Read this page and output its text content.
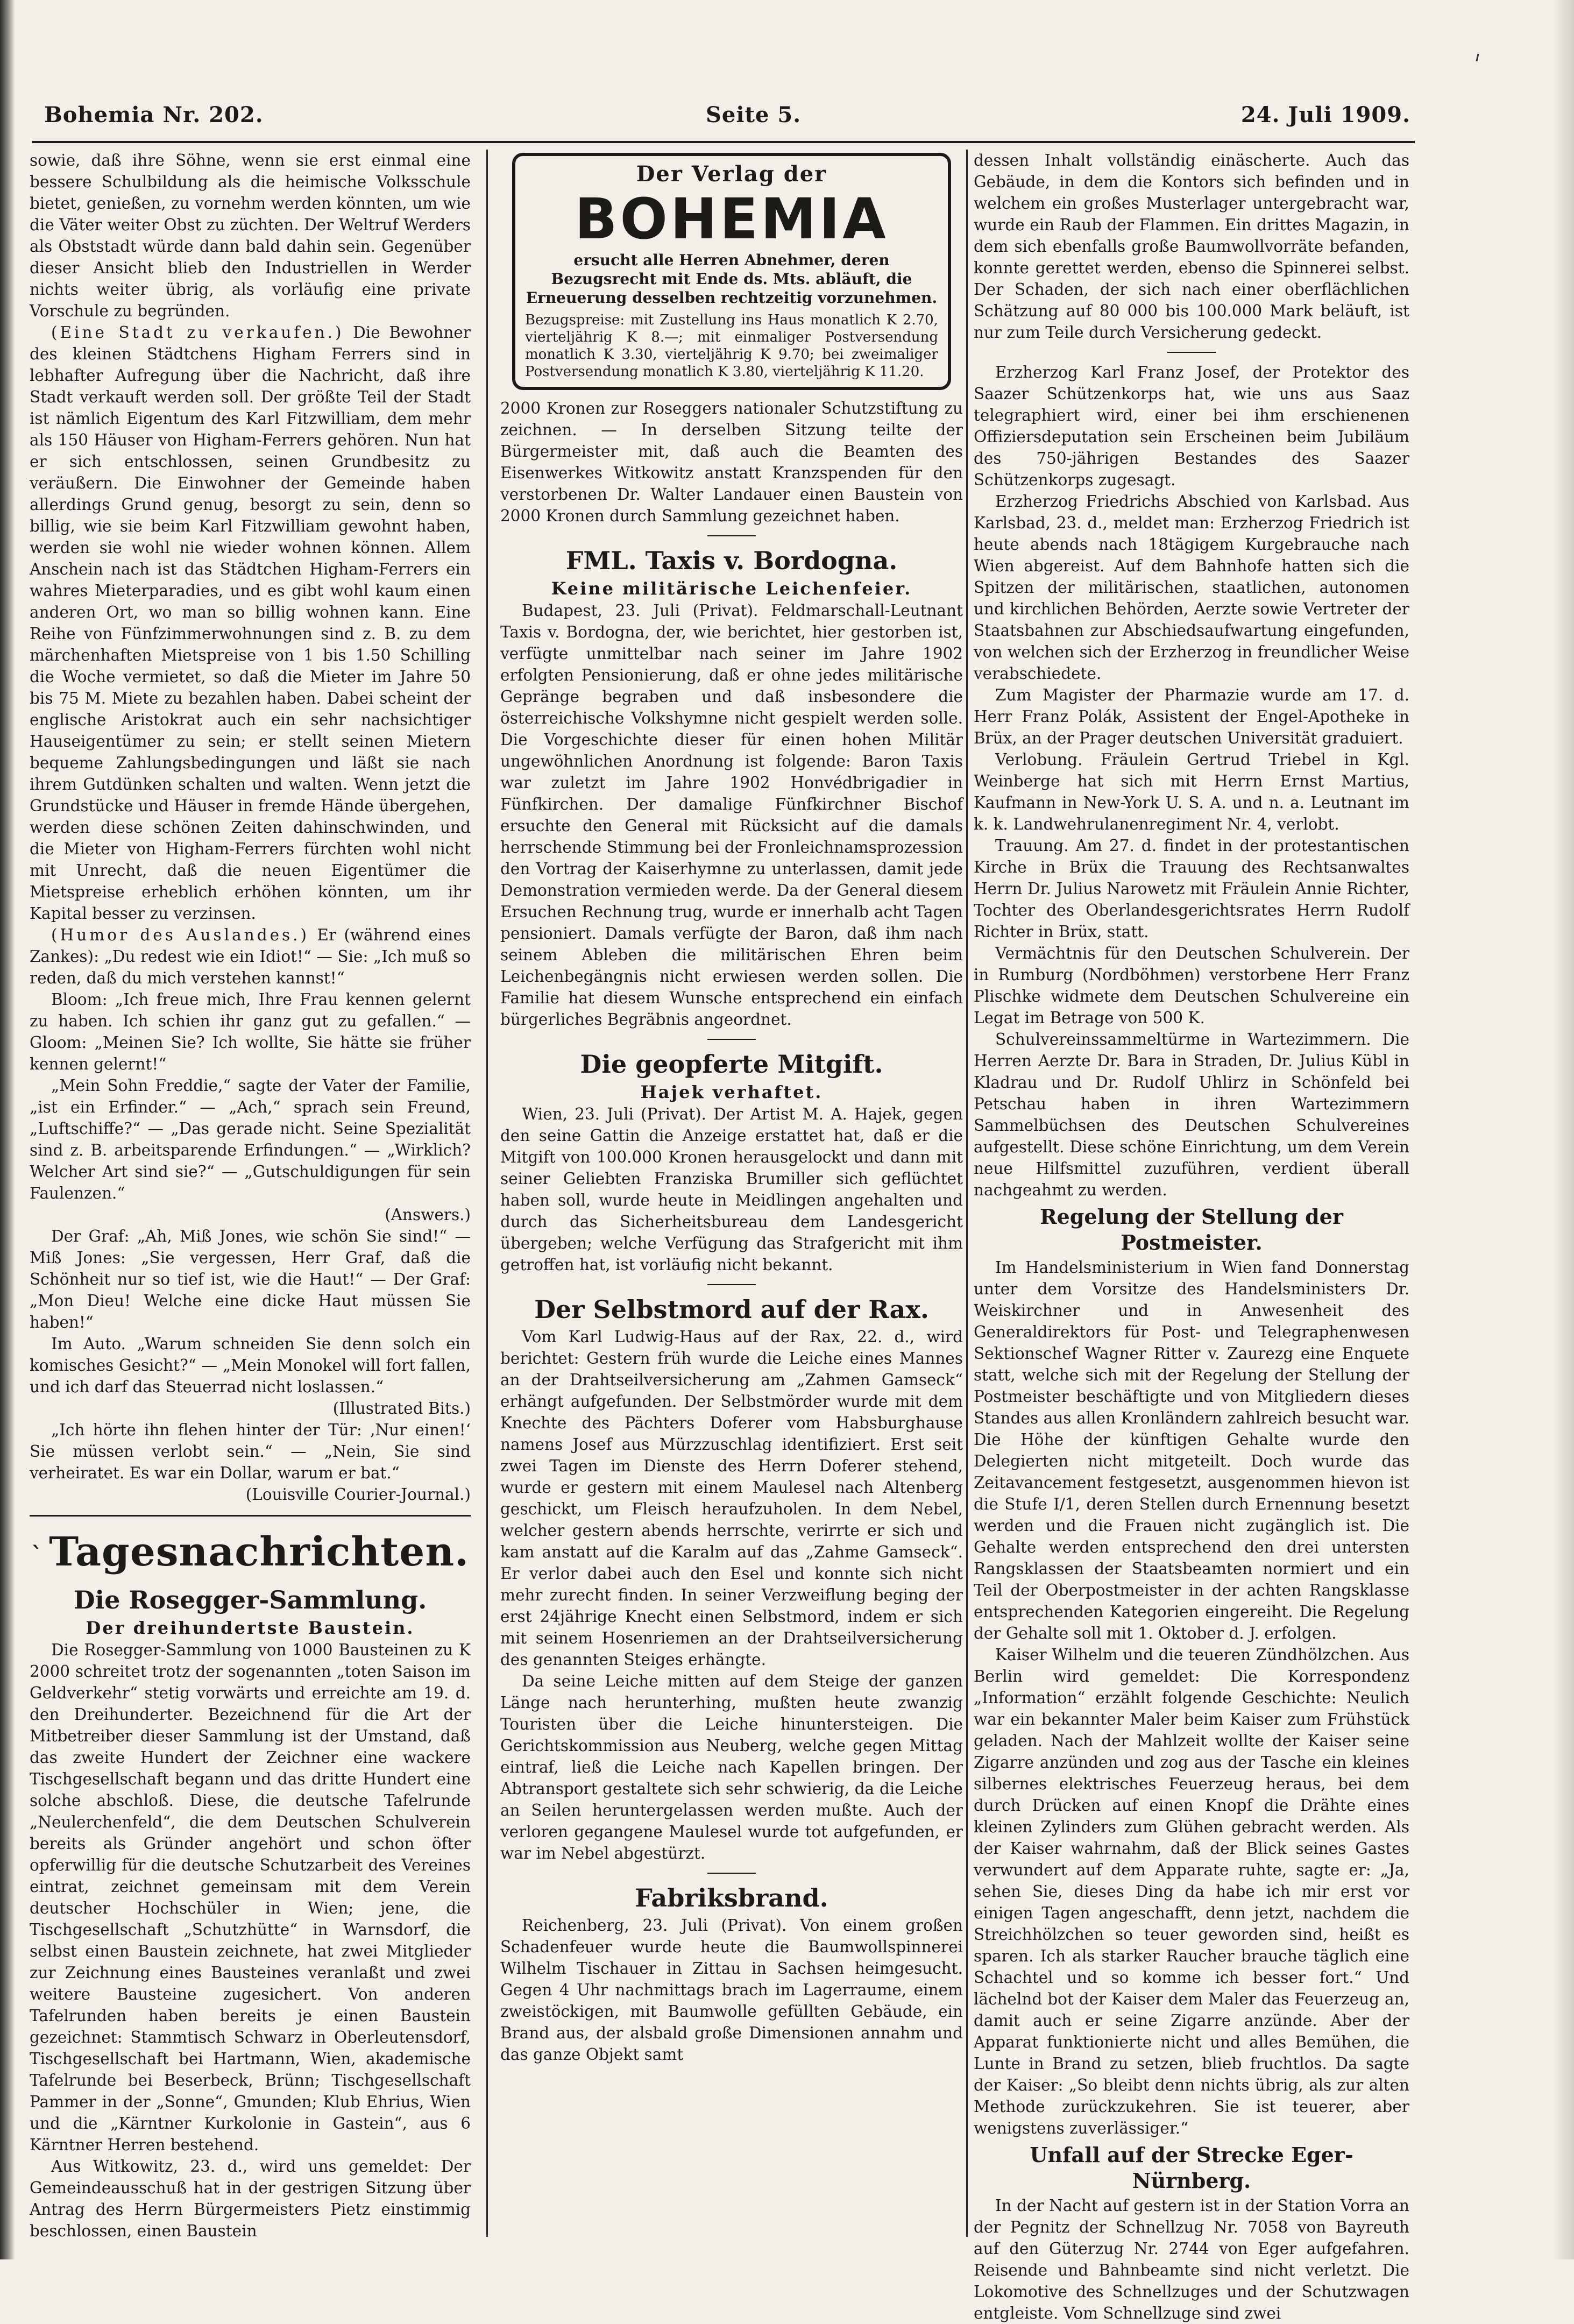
Bohemia Nr. 202.	Seite 5.	24. Juli 1909.

sowie, daß ihre Söhne, wenn sie erst einmal eine bessere Schulbildung als die heimische Volksschule bietet, genießen, zu vornehm werden könnten, um wie die Väter weiter Obst zu züchten. Der Weltruf Werders als Obststadt würde dann bald dahin sein. Gegenüber dieser Ansicht blieb den Industriellen in Werder nichts weiter übrig, als vorläufig eine private Vorschule zu begründen.

(Eine Stadt zu verkaufen.) Die Bewohner des kleinen Städtchens Higham Ferrers sind in lebhafter Aufregung über die Nachricht, daß ihre Stadt verkauft werden soll. Der größte Teil der Stadt ist nämlich Eigentum des Karl Fitzwilliam, dem mehr als 150 Häuser von Higham-Ferrers gehören. Nun hat er sich entschlossen, seinen Grundbesitz zu veräußern. Die Einwohner der Gemeinde haben allerdings Grund genug, besorgt zu sein, denn so billig, wie sie beim Karl Fitzwilliam gewohnt haben, werden sie wohl nie wieder wohnen können. Allem Anschein nach ist das Städtchen Higham-Ferrers ein wahres Mieterparadies, und es gibt wohl kaum einen anderen Ort, wo man so billig wohnen kann. Eine Reihe von Fünfzimmerwohnungen sind z. B. zu dem märchenhaften Mietspreise von 1 bis 1.50 Schilling die Woche vermietet, so daß die Mieter im Jahre 50 bis 75 M. Miete zu bezahlen haben. Dabei scheint der englische Aristokrat auch ein sehr nachsichtiger Hauseigentümer zu sein; er stellt seinen Mietern bequeme Zahlungsbedingungen und läßt sie nach ihrem Gutdünken schalten und walten. Wenn jetzt die Grundstücke und Häuser in fremde Hände übergehen, werden diese schönen Zeiten dahinschwinden, und die Mieter von Higham-Ferrers fürchten wohl nicht mit Unrecht, daß die neuen Eigentümer die Mietspreise erheblich erhöhen könnten, um ihr Kapital besser zu verzinsen.

(Humor des Auslandes.) Er (während eines Zankes): „Du redest wie ein Idiot!“ — Sie: „Ich muß so reden, daß du mich verstehen kannst!“

Bloom: „Ich freue mich, Ihre Frau kennen gelernt zu haben. Ich schien ihr ganz gut zu gefallen.“ — Gloom: „Meinen Sie? Ich wollte, Sie hätte sie früher kennen gelernt!“

„Mein Sohn Freddie,“ sagte der Vater der Familie, „ist ein Erfinder.“ — „Ach,“ sprach sein Freund, „Luftschiffe?“ — „Das gerade nicht. Seine Spezialität sind z. B. arbeitsparende Erfindungen.“ — „Wirklich? Welcher Art sind sie?“ — „Gutschuldigungen für sein Faulenzen.“

(Answers.)

Der Graf: „Ah, Miß Jones, wie schön Sie sind!“ — Miß Jones: „Sie vergessen, Herr Graf, daß die Schönheit nur so tief ist, wie die Haut!“ — Der Graf: „Mon Dieu! Welche eine dicke Haut müssen Sie haben!“

Im Auto. „Warum schneiden Sie denn solch ein komisches Gesicht?“ — „Mein Monokel will fort fallen, und ich darf das Steuerrad nicht loslassen.“

(Illustrated Bits.)

„Ich hörte ihn flehen hinter der Tür: ‚Nur einen!‘ Sie müssen verlobt sein.“ — „Nein, Sie sind verheiratet. Es war ein Dollar, warum er bat.“

(Louisville Courier-Journal.)

ˋ Tagesnachrichten.
Die Rosegger-Sammlung.
Der dreihundertste Baustein.

Die Rosegger-Sammlung von 1000 Bausteinen zu K 2000 schreitet trotz der sogenannten „toten Saison im Geldverkehr“ stetig vorwärts und erreichte am 19. d. den Dreihunderter. Bezeichnend für die Art der Mitbetreiber dieser Sammlung ist der Umstand, daß das zweite Hundert der Zeichner eine wackere Tischgesellschaft begann und das dritte Hundert eine solche abschloß. Diese, die deutsche Tafelrunde „Neulerchenfeld“, die dem Deutschen Schulverein bereits als Gründer angehört und schon öfter opferwillig für die deutsche Schutzarbeit des Vereines eintrat, zeichnet gemeinsam mit dem Verein deutscher Hochschüler in Wien; jene, die Tischgesellschaft „Schutzhütte“ in Warnsdorf, die selbst einen Baustein zeichnete, hat zwei Mitglieder zur Zeichnung eines Bausteines veranlaßt und zwei weitere Bausteine zugesichert. Von anderen Tafelrunden haben bereits je einen Baustein gezeichnet: Stammtisch Schwarz in Oberleutensdorf, Tischgesellschaft bei Hartmann, Wien, akademische Tafelrunde bei Beserbeck, Brünn; Tischgesellschaft Pammer in der „Sonne“, Gmunden; Klub Ehrius, Wien und die „Kärntner Kurkolonie in Gastein“, aus 6 Kärntner Herren bestehend.

Aus Witkowitz, 23. d., wird uns gemeldet: Der Gemeindeausschuß hat in der gestrigen Sitzung über Antrag des Herrn Bürgermeisters Pietz einstimmig beschlossen, einen Baustein

Der Verlag der
BOHEMIA
ersucht alle Herren Abnehmer, deren Bezugsrecht mit Ende ds. Mts. abläuft, die Erneuerung desselben rechtzeitig vorzunehmen.
Bezugspreise: mit Zustellung ins Haus monatlich K 2.70, vierteljährig K 8.—; mit einmaliger Postversendung monatlich K 3.30, vierteljährig K 9.70; bei zweimaliger Postversendung monatlich K 3.80, vierteljährig K 11.20.

2000 Kronen zur Roseggers nationaler Schutzstiftung zu zeichnen. — In derselben Sitzung teilte der Bürgermeister mit, daß auch die Beamten des Eisenwerkes Witkowitz anstatt Kranzspenden für den verstorbenen Dr. Walter Landauer einen Baustein von 2000 Kronen durch Sammlung gezeichnet haben.

FML. Taxis v. Bordogna.
Keine militärische Leichenfeier.

Budapest, 23. Juli (Privat). Feldmarschall-Leutnant Taxis v. Bordogna, der, wie berichtet, hier gestorben ist, verfügte unmittelbar nach seiner im Jahre 1902 erfolgten Pensionierung, daß er ohne jedes militärische Gepränge begraben und daß insbesondere die österreichische Volkshymne nicht gespielt werden solle. Die Vorgeschichte dieser für einen hohen Militär ungewöhnlichen Anordnung ist folgende: Baron Taxis war zuletzt im Jahre 1902 Honvédbrigadier in Fünfkirchen. Der damalige Fünfkirchner Bischof ersuchte den General mit Rücksicht auf die damals herrschende Stimmung bei der Fronleichnamsprozession den Vortrag der Kaiserhymne zu unterlassen, damit jede Demonstration vermieden werde. Da der General diesem Ersuchen Rechnung trug, wurde er innerhalb acht Tagen pensioniert. Damals verfügte der Baron, daß ihm nach seinem Ableben die militärischen Ehren beim Leichenbegängnis nicht erwiesen werden sollen. Die Familie hat diesem Wunsche entsprechend ein einfach bürgerliches Begräbnis angeordnet.

Die geopferte Mitgift.
Hajek verhaftet.

Wien, 23. Juli (Privat). Der Artist M. A. Hajek, gegen den seine Gattin die Anzeige erstattet hat, daß er die Mitgift von 100.000 Kronen herausgelockt und dann mit seiner Geliebten Franziska Brumiller sich geflüchtet haben soll, wurde heute in Meidlingen angehalten und durch das Sicherheitsbureau dem Landesgericht übergeben; welche Verfügung das Strafgericht mit ihm getroffen hat, ist vorläufig nicht bekannt.

Der Selbstmord auf der Rax.

Vom Karl Ludwig-Haus auf der Rax, 22. d., wird berichtet: Gestern früh wurde die Leiche eines Mannes an der Drahtseilversicherung am „Zahmen Gamseck“ erhängt aufgefunden. Der Selbstmörder wurde mit dem Knechte des Pächters Doferer vom Habsburghause namens Josef aus Mürzzuschlag identifiziert. Erst seit zwei Tagen im Dienste des Herrn Doferer stehend, wurde er gestern mit einem Maulesel nach Altenberg geschickt, um Fleisch heraufzuholen. In dem Nebel, welcher gestern abends herrschte, verirrte er sich und kam anstatt auf die Karalm auf das „Zahme Gamseck“. Er verlor dabei auch den Esel und konnte sich nicht mehr zurecht finden. In seiner Verzweiflung beging der erst 24jährige Knecht einen Selbstmord, indem er sich mit seinem Hosenriemen an der Drahtseilversicherung des genannten Steiges erhängte.

Da seine Leiche mitten auf dem Steige der ganzen Länge nach herunterhing, mußten heute zwanzig Touristen über die Leiche hinuntersteigen. Die Gerichtskommission aus Neuberg, welche gegen Mittag eintraf, ließ die Leiche nach Kapellen bringen. Der Abtransport gestaltete sich sehr schwierig, da die Leiche an Seilen heruntergelassen werden mußte. Auch der verloren gegangene Maulesel wurde tot aufgefunden, er war im Nebel abgestürzt.

Fabriksbrand.

Reichenberg, 23. Juli (Privat). Von einem großen Schadenfeuer wurde heute die Baumwollspinnerei Wilhelm Tischauer in Zittau in Sachsen heimgesucht. Gegen 4 Uhr nachmittags brach im Lagerraume, einem zweistöckigen, mit Baumwolle gefüllten Gebäude, ein Brand aus, der alsbald große Dimensionen annahm und das ganze Objekt samt

dessen Inhalt vollständig einäscherte. Auch das Gebäude, in dem die Kontors sich befinden und in welchem ein großes Musterlager untergebracht war, wurde ein Raub der Flammen. Ein drittes Magazin, in dem sich ebenfalls große Baumwollvorräte befanden, konnte gerettet werden, ebenso die Spinnerei selbst. Der Schaden, der sich nach einer oberflächlichen Schätzung auf 80 000 bis 100.000 Mark beläuft, ist nur zum Teile durch Versicherung gedeckt.

Erzherzog Karl Franz Josef, der Protektor des Saazer Schützenkorps hat, wie uns aus Saaz telegraphiert wird, einer bei ihm erschienenen Offiziersdeputation sein Erscheinen beim Jubiläum des 750-jährigen Bestandes des Saazer Schützenkorps zugesagt.

Erzherzog Friedrichs Abschied von Karlsbad. Aus Karlsbad, 23. d., meldet man: Erzherzog Friedrich ist heute abends nach 18tägigem Kurgebrauche nach Wien abgereist. Auf dem Bahnhofe hatten sich die Spitzen der militärischen, staatlichen, autonomen und kirchlichen Behörden, Aerzte sowie Vertreter der Staatsbahnen zur Abschiedsaufwartung eingefunden, von welchen sich der Erzherzog in freundlicher Weise verabschiedete.

Zum Magister der Pharmazie wurde am 17. d. Herr Franz Polák, Assistent der Engel-Apotheke in Brüx, an der Prager deutschen Universität graduiert.

Verlobung. Fräulein Gertrud Triebel in Kgl. Weinberge hat sich mit Herrn Ernst Martius, Kaufmann in New-York U. S. A. und n. a. Leutnant im k. k. Landwehrulanenregiment Nr. 4, verlobt.

Trauung. Am 27. d. findet in der protestantischen Kirche in Brüx die Trauung des Rechtsanwaltes Herrn Dr. Julius Narowetz mit Fräulein Annie Richter, Tochter des Oberlandesgerichtsrates Herrn Rudolf Richter in Brüx, statt.

Vermächtnis für den Deutschen Schulverein. Der in Rumburg (Nordböhmen) verstorbene Herr Franz Plischke widmete dem Deutschen Schulvereine ein Legat im Betrage von 500 K.

Schulvereinssammeltürme in Wartezimmern. Die Herren Aerzte Dr. Bara in Straden, Dr. Julius Kübl in Kladrau und Dr. Rudolf Uhlirz in Schönfeld bei Petschau haben in ihren Wartezimmern Sammelbüchsen des Deutschen Schulvereines aufgestellt. Diese schöne Einrichtung, um dem Verein neue Hilfsmittel zuzuführen, verdient überall nachgeahmt zu werden.

Regelung der Stellung der Postmeister.

Im Handelsministerium in Wien fand Donnerstag unter dem Vorsitze des Handelsministers Dr. Weiskirchner und in Anwesenheit des Generaldirektors für Post- und Telegraphenwesen Sektionschef Wagner Ritter v. Zaurezg eine Enquete statt, welche sich mit der Regelung der Stellung der Postmeister beschäftigte und von Mitgliedern dieses Standes aus allen Kronländern zahlreich besucht war. Die Höhe der künftigen Gehalte wurde den Delegierten nicht mitgeteilt. Doch wurde das Zeitavancement festgesetzt, ausgenommen hievon ist die Stufe I/1, deren Stellen durch Ernennung besetzt werden und die Frauen nicht zugänglich ist. Die Gehalte werden entsprechend den drei untersten Rangsklassen der Staatsbeamten normiert und ein Teil der Oberpostmeister in der achten Rangsklasse entsprechenden Kategorien eingereiht. Die Regelung der Gehalte soll mit 1. Oktober d. J. erfolgen.

Kaiser Wilhelm und die teueren Zündhölzchen. Aus Berlin wird gemeldet: Die Korrespondenz „Information“ erzählt folgende Geschichte: Neulich war ein bekannter Maler beim Kaiser zum Frühstück geladen. Nach der Mahlzeit wollte der Kaiser seine Zigarre anzünden und zog aus der Tasche ein kleines silbernes elektrisches Feuerzeug heraus, bei dem durch Drücken auf einen Knopf die Drähte eines kleinen Zylinders zum Glühen gebracht werden. Als der Kaiser wahrnahm, daß der Blick seines Gastes verwundert auf dem Apparate ruhte, sagte er: „Ja, sehen Sie, dieses Ding da habe ich mir erst vor einigen Tagen angeschafft, denn jetzt, nachdem die Streichhölzchen so teuer geworden sind, heißt es sparen. Ich als starker Raucher brauche täglich eine Schachtel und so komme ich besser fort.“ Und lächelnd bot der Kaiser dem Maler das Feuerzeug an, damit auch er seine Zigarre anzünde. Aber der Apparat funktionierte nicht und alles Bemühen, die Lunte in Brand zu setzen, blieb fruchtlos. Da sagte der Kaiser: „So bleibt denn nichts übrig, als zur alten Methode zurückzukehren. Sie ist teuerer, aber wenigstens zuverlässiger.“

Unfall auf der Strecke Eger-Nürnberg.

In der Nacht auf gestern ist in der Station Vorra an der Pegnitz der Schnellzug Nr. 7058 von Bayreuth auf den Güterzug Nr. 2744 von Eger aufgefahren. Reisende und Bahnbeamte sind nicht verletzt. Die Lokomotive des Schnellzuges und der Schutzwagen entgleiste. Vom Schnellzuge sind zwei
